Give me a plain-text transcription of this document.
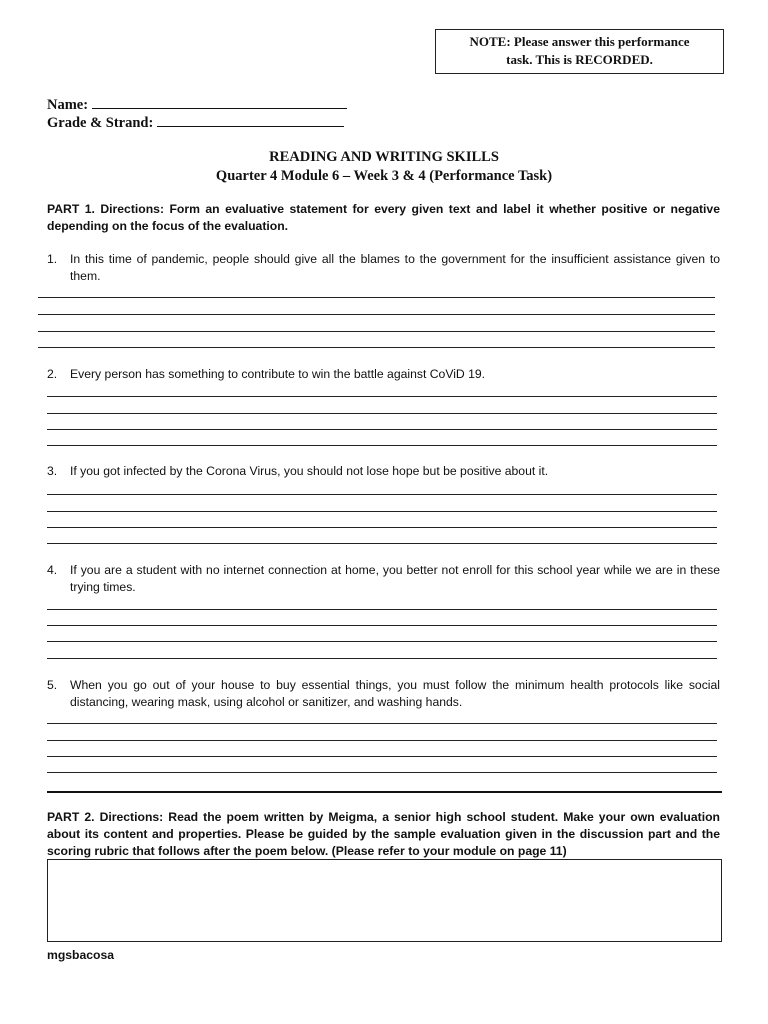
NOTE: Please answer this performance
task. This is RECORDED.
Name:
Grade & Strand:
READING AND WRITING SKILLS
Quarter 4 Module 6 – Week 3 & 4 (Performance Task)
PART 1. Directions: Form an evaluative statement for every given text and label it whether positive or negative depending on the focus of the evaluation.
1. In this time of pandemic, people should give all the blames to the government for the insufficient assistance given to them.
2. Every person has something to contribute to win the battle against CoViD 19.
3. If you got infected by the Corona Virus, you should not lose hope but be positive about it.
4. If you are a student with no internet connection at home, you better not enroll for this school year while we are in these trying times.
5. When you go out of your house to buy essential things, you must follow the minimum health protocols like social distancing, wearing mask, using alcohol or sanitizer, and washing hands.
PART 2. Directions: Read the poem written by Meigma, a senior high school student. Make your own evaluation about its content and properties. Please be guided by the sample evaluation given in the discussion part and the scoring rubric that follows after the poem below. (Please refer to your module on page 11)
mgsbacosa
